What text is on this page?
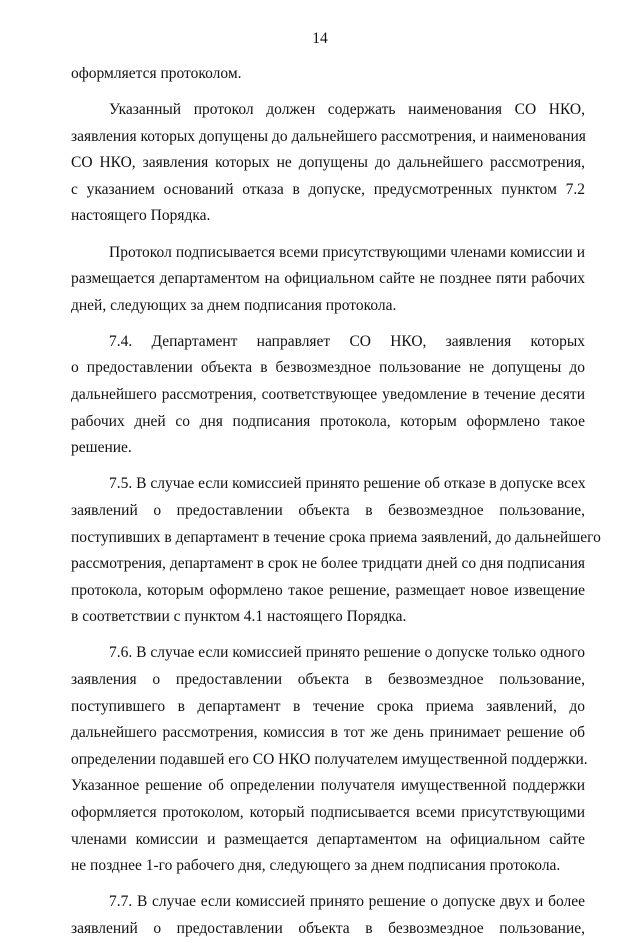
14
оформляется протоколом.
Указанный протокол должен содержать наименования СО НКО,
заявления которых допущены до дальнейшего рассмотрения, и наименования
СО НКО, заявления которых не допущены до дальнейшего рассмотрения,
с указанием оснований отказа в допуске, предусмотренных пунктом 7.2
настоящего Порядка.
Протокол подписывается всеми присутствующими членами комиссии и
размещается департаментом на официальном сайте не позднее пяти рабочих
дней, следующих за днем подписания протокола.
7.4. Департамент направляет СО НКО, заявления которых
о предоставлении объекта в безвозмездное пользование не допущены до
дальнейшего рассмотрения, соответствующее уведомление в течение десяти
рабочих дней со дня подписания протокола, которым оформлено такое
решение.
7.5. В случае если комиссией принято решение об отказе в допуске всех
заявлений о предоставлении объекта в безвозмездное пользование,
поступивших в департамент в течение срока приема заявлений, до дальнейшего
рассмотрения, департамент в срок не более тридцати дней со дня подписания
протокола, которым оформлено такое решение, размещает новое извещение
в соответствии с пунктом 4.1 настоящего Порядка.
7.6. В случае если комиссией принято решение о допуске только одного
заявления о предоставлении объекта в безвозмездное пользование,
поступившего в департамент в течение срока приема заявлений, до
дальнейшего рассмотрения, комиссия в тот же день принимает решение об
определении подавшей его СО НКО получателем имущественной поддержки.
Указанное решение об определении получателя имущественной поддержки
оформляется протоколом, который подписывается всеми присутствующими
членами комиссии и размещается департаментом на официальном сайте
не позднее 1-го рабочего дня, следующего за днем подписания протокола.
7.7. В случае если комиссией принято решение о допуске двух и более
заявлений о предоставлении объекта в безвозмездное пользование,
